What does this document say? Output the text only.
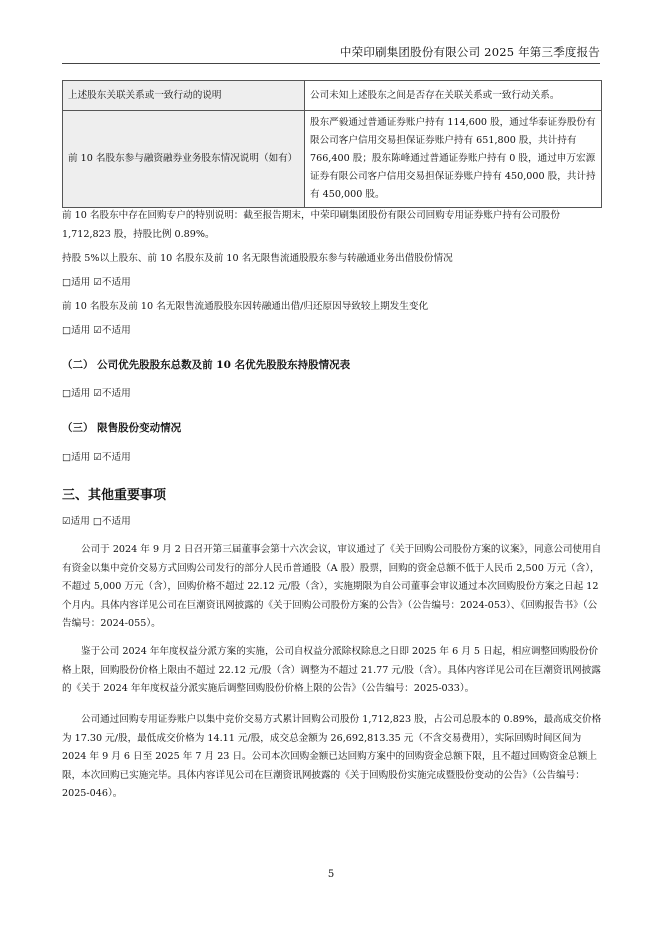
中荣印刷集团股份有限公司 2025 年第三季度报告
上述股东关联关系或一致行动的说明	公司未知上述股东之间是否存在关联关系或一致行动关系。
前 10 名股东参与融资融券业务股东情况说明（如有）	股东严毅通过普通证券账户持有 114,600 股，通过华泰证券股份有限公司客户信用交易担保证券账户持有 651,800 股，共计持有 766,400 股；股东陈峰通过普通证券账户持有 0 股，通过申万宏源证券有限公司客户信用交易担保证券账户持有 450,000 股，共计持有 450,000 股。

前 10 名股东中存在回购专户的特别说明：截至报告期末，中荣印刷集团股份有限公司回购专用证券账户持有公司股份 1,712,823 股，持股比例 0.89%。

持股 5%以上股东、前 10 名股东及前 10 名无限售流通股股东参与转融通业务出借股份情况

□适用 ☑不适用

前 10 名股东及前 10 名无限售流通股股东因转融通出借/归还原因导致较上期发生变化

□适用 ☑不适用

（二） 公司优先股股东总数及前 10 名优先股股东持股情况表

□适用 ☑不适用

（三） 限售股份变动情况

□适用 ☑不适用

三、其他重要事项

☑适用 □不适用

公司于 2024 年 9 月 2 日召开第三届董事会第十六次会议，审议通过了《关于回购公司股份方案的议案》，同意公司使用自有资金以集中竞价交易方式回购公司发行的部分人民币普通股（A 股）股票，回购的资金总额不低于人民币 2,500 万元（含），不超过 5,000 万元（含），回购价格不超过 22.12 元/股（含），实施期限为自公司董事会审议通过本次回购股份方案之日起 12 个月内。具体内容详见公司在巨潮资讯网披露的《关于回购公司股份方案的公告》（公告编号：2024-053）、《回购报告书》（公告编号：2024-055）。

鉴于公司 2024 年年度权益分派方案的实施，公司自权益分派除权除息之日即 2025 年 6 月 5 日起，相应调整回购股份价格上限，回购股份价格上限由不超过 22.12 元/股（含）调整为不超过 21.77 元/股（含）。具体内容详见公司在巨潮资讯网披露的《关于 2024 年年度权益分派实施后调整回购股份价格上限的公告》（公告编号：2025-033）。

公司通过回购专用证券账户以集中竞价交易方式累计回购公司股份 1,712,823 股，占公司总股本的 0.89%，最高成交价格为 17.30 元/股，最低成交价格为 14.11 元/股，成交总金额为 26,692,813.35 元（不含交易费用），实际回购时间区间为 2024 年 9 月 6 日至 2025 年 7 月 23 日。公司本次回购金额已达回购方案中的回购资金总额下限，且不超过回购资金总额上限，本次回购已实施完毕。具体内容详见公司在巨潮资讯网披露的《关于回购股份实施完成暨股份变动的公告》（公告编号：2025-046）。

5
